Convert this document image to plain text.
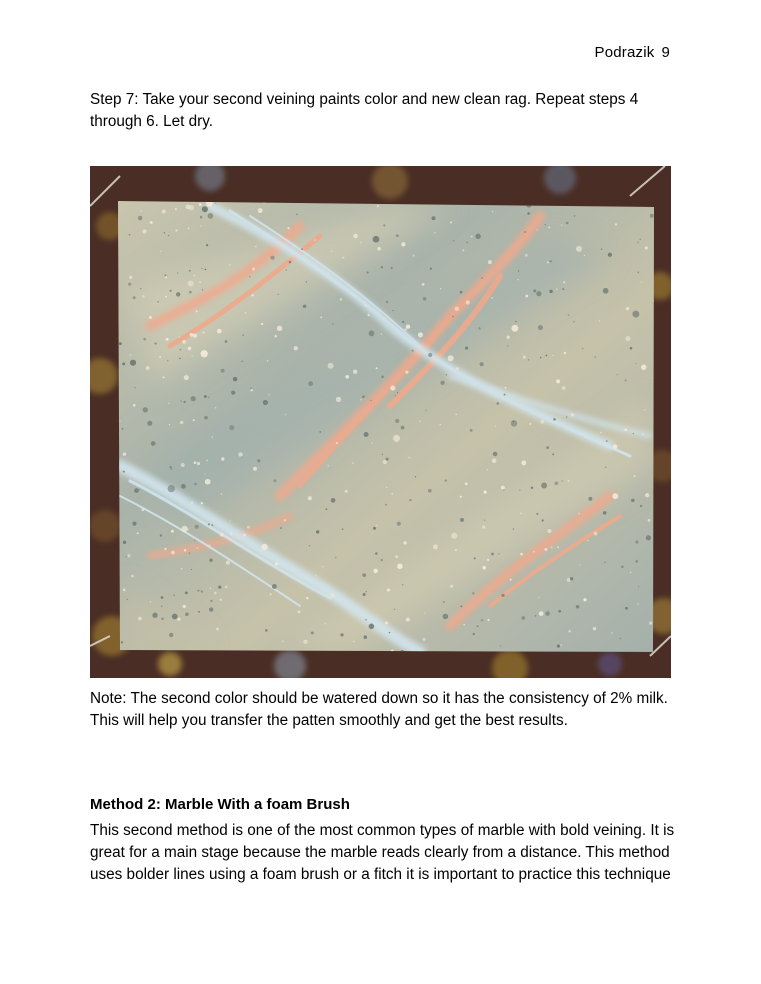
Podrazik 9
Step 7: Take your second veining paints color and new clean rag. Repeat steps 4 through 6. Let dry.
Note: The second color should be watered down so it has the consistency of 2% milk. This will help you transfer the patten smoothly and get the best results.
Method 2: Marble With a foam Brush
This second method is one of the most common types of marble with bold veining. It is great for a main stage because the marble reads clearly from a distance. This method uses bolder lines using a foam brush or a fitch it is important to practice this technique
